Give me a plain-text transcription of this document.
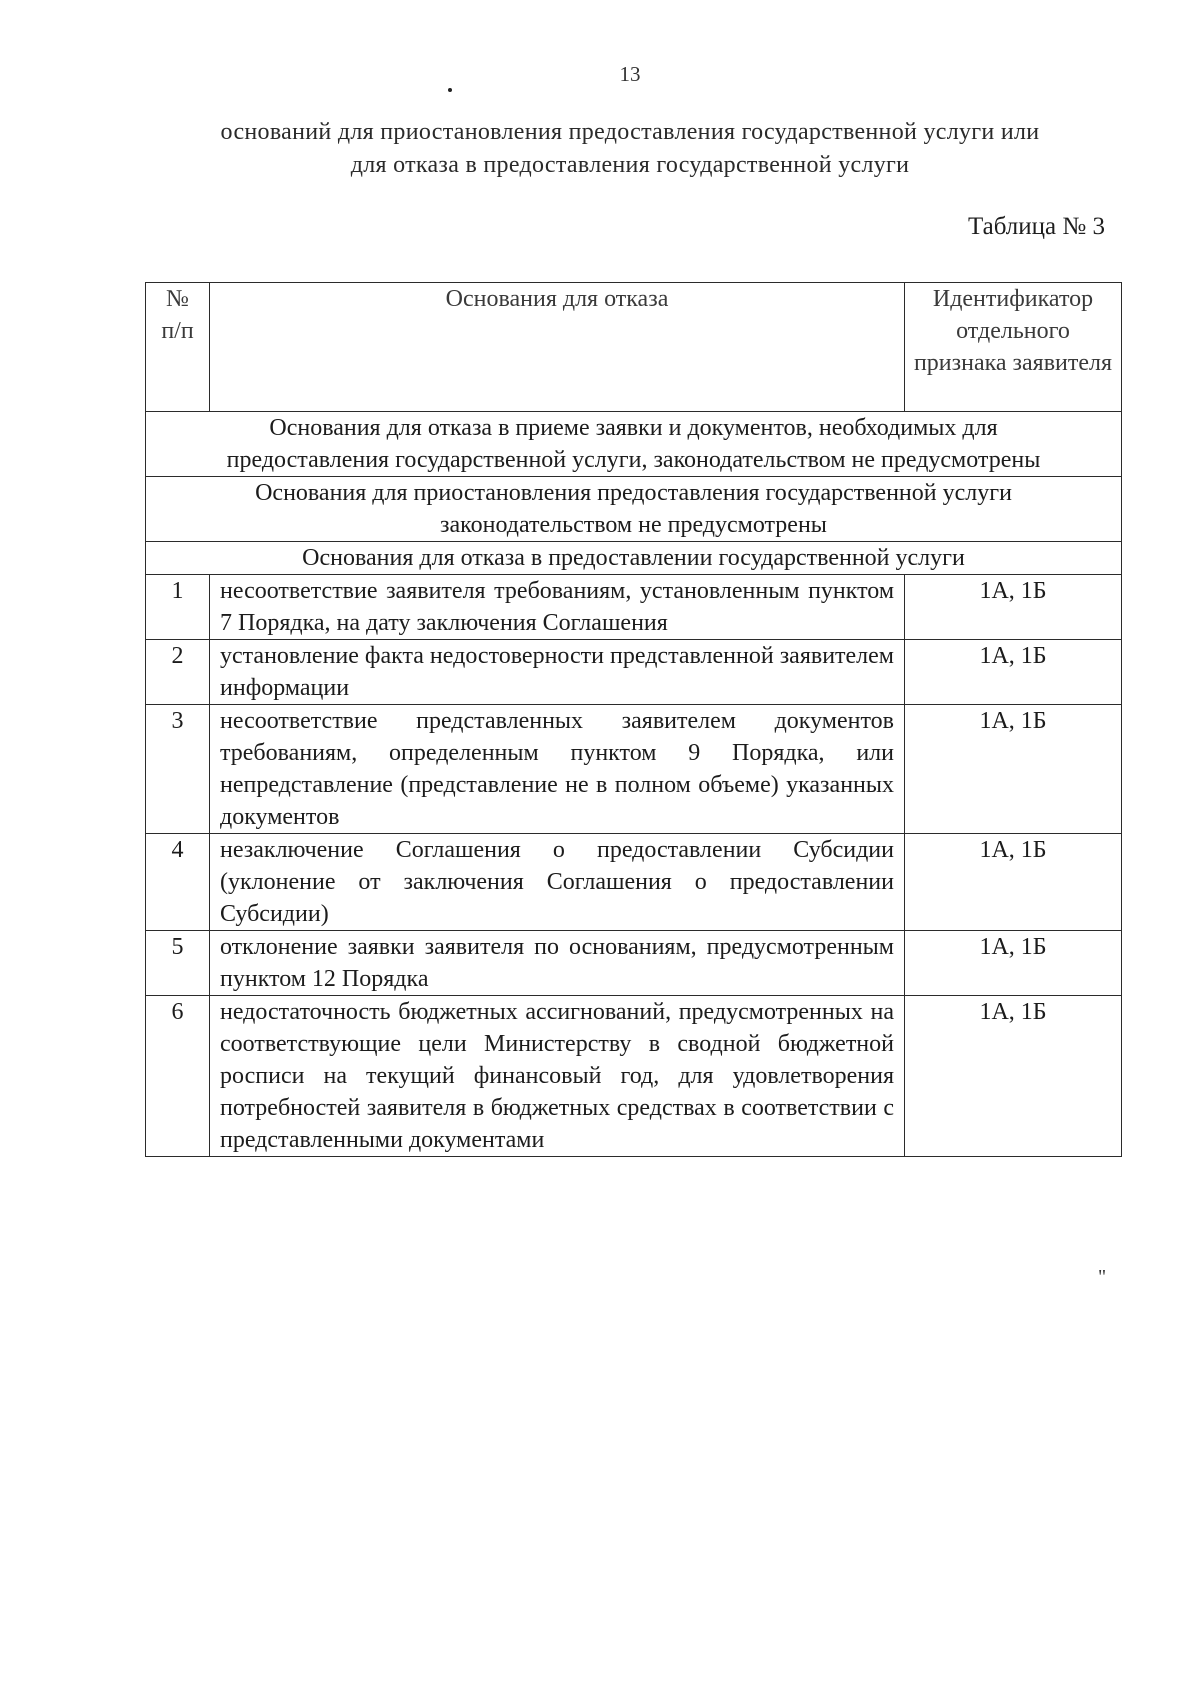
13
оснований для приостановления предоставления государственной услуги или
для отказа в предоставления государственной услуги
Таблица № 3
№
п/п	Основания для отказа	Идентификатор отдельного признака заявителя
Основания для отказа в приеме заявки и документов, необходимых для предоставления государственной услуги, законодательством не предусмотрены		
Основания для приостановления предоставления государственной услуги законодательством не предусмотрены		
Основания для отказа в предоставлении государственной услуги		
1	несоответствие заявителя требованиям, установленным пунктом 7 Порядка, на дату заключения Соглашения	1А, 1Б
2	установление факта недостоверности представленной заявителем информации	1А, 1Б
3	несоответствие представленных заявителем документов требованиям, определенным пунктом 9 Порядка, или непредставление (представление не в полном объеме) указанных документов	1А, 1Б
4	незаключение Соглашения о предоставлении Субсидии (уклонение от заключения Соглашения о предоставлении Субсидии)	1А, 1Б
5	отклонение заявки заявителя по основаниям, предусмотренным пунктом 12 Порядка	1А, 1Б
6	недостаточность бюджетных ассигнований, предусмотренных на соответствующие цели Министерству в сводной бюджетной росписи на текущий финансовый год, для удовлетворения потребностей заявителя в бюджетных средствах в соответствии с представленными документами	1А, 1Б
"
